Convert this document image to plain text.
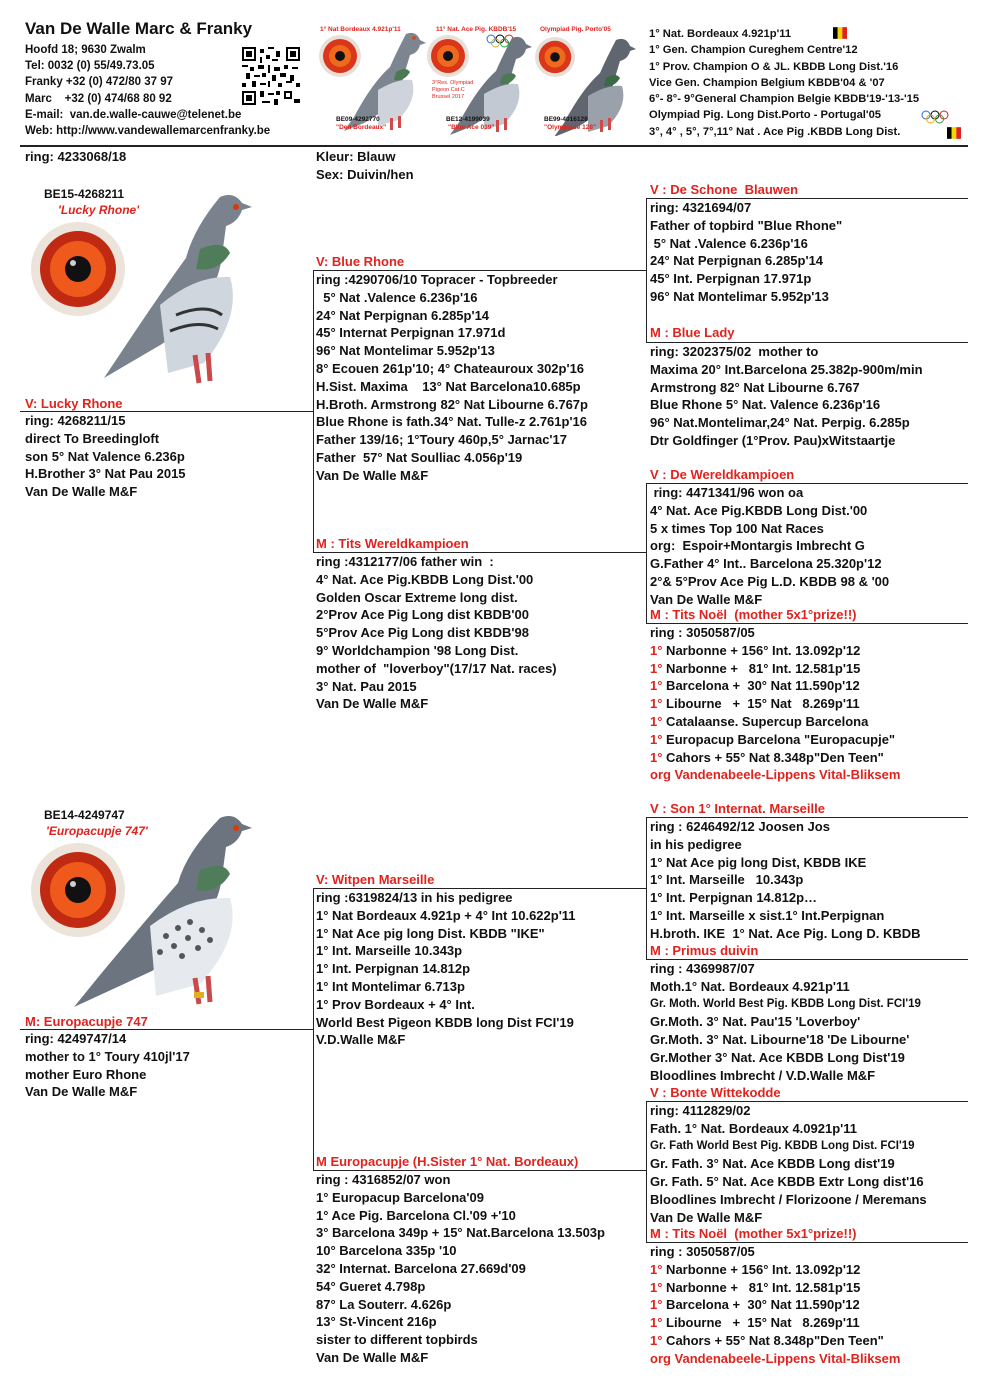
Van De Walle Marc & Franky
Hoofd 18; 9630 Zwalm
Tel: 0032 (0) 55/49.73.05
Franky +32 (0) 472/80 37 97
Marc    +32 (0) 474/68 80 92
E-mail:  van.de.walle-cauwe@telenet.be
Web: http://www.vandewallemarcenfranky.be
1° Nat Bordeaux 4.921p'11
BE09-4292770
"Den Bordeaux"
11° Nat. Ace Pig. KBDB'15
3°Res. Olympiad Pigeon Cat.C Brussel 2017
BE12-4199039
"Blue Ace 039"
Olympiad Pig. Porto'05
BE99-4016128
"Olympiade 128"
1° Nat. Bordeaux 4.921p'11
1° Gen. Champion Cureghem Centre'12
1° Prov. Champion O & JL. KBDB Long Dist.'16
Vice Gen. Champion Belgium KBDB'04 & '07
6°- 8°- 9°General Champion Belgie KBDB'19-'13-'15
Olympiad Pig. Long Dist.Porto - Portugal'05
3°, 4° , 5°, 7°,11° Nat . Ace Pig .KBDB Long Dist.
ring: 4233068/18	Kleur: Blauw
Sex: Duivin/hen
BE15-4268211
'Lucky Rhone'
BE14-4249747
'Europacupje 747'
V: Lucky Rhone
ring: 4268211/15
direct To Breedingloft
son 5° Nat Valence 6.236p
H.Brother 3° Nat Pau 2015
Van De Walle M&F
M: Europacupje 747
ring: 4249747/14
mother to 1° Toury 410jl'17
mother Euro Rhone
Van De Walle M&F
V: Blue Rhone
ring :4290706/10 Topracer - Topbreeder
5° Nat .Valence 6.236p'16
24° Nat Perpignan 6.285p'14
45° Internat Perpignan 17.971d
96° Nat Montelimar 5.952p'13
8° Ecouen 261p'10; 4° Chateauroux 302p'16
H.Sist. Maxima    13° Nat Barcelona10.685p
H.Broth. Armstrong 82° Nat Libourne 6.767p
Blue Rhone is fath.34° Nat. Tulle-z 2.761p'16
Father 139/16; 1°Toury 460p,5° Jarnac'17
Father  57° Nat Soulliac 4.056p'19
Van De Walle M&F
M : Tits Wereldkampioen
ring :4312177/06 father win  :
4° Nat. Ace Pig.KBDB Long Dist.'00
Golden Oscar Extreme long dist.
2°Prov Ace Pig Long dist KBDB'00
5°Prov Ace Pig Long dist KBDB'98
9° Worldchampion '98 Long Dist.
mother of  "loverboy"(17/17 Nat. races)
3° Nat. Pau 2015
Van De Walle M&F
V: Witpen Marseille
ring :6319824/13 in his pedigree
1° Nat Bordeaux 4.921p + 4° Int 10.622p'11
1° Nat Ace pig long Dist. KBDB "IKE"
1° Int. Marseille 10.343p
1° Int. Perpignan 14.812p
1° Int Montelimar 6.713p
1° Prov Bordeaux + 4° Int.
World Best Pigeon KBDB long Dist FCI'19
V.D.Walle M&F
M Europacupje (H.Sister 1° Nat. Bordeaux)
ring : 4316852/07 won
1° Europacup Barcelona'09
1° Ace Pig. Barcelona Cl.'09 +'10
3° Barcelona 349p + 15° Nat.Barcelona 13.503p
10° Barcelona 335p '10
32° Internat. Barcelona 27.669d'09
54° Gueret 4.798p
87° La Souterr. 4.626p
13° St-Vincent 216p
sister to different topbirds
Van De Walle M&F
V : De Schone  Blauwen
ring: 4321694/07
Father of topbird "Blue Rhone"
5° Nat .Valence 6.236p'16
24° Nat Perpignan 6.285p'14
45° Int. Perpignan 17.971p
96° Nat Montelimar 5.952p'13
M : Blue Lady
ring: 3202375/02  mother to
Maxima 20° Int.Barcelona 25.382p-900m/min
Armstrong 82° Nat Libourne 6.767
Blue Rhone 5° Nat. Valence 6.236p'16
96° Nat.Montelimar,24° Nat. Perpig. 6.285p
Dtr Goldfinger (1°Prov. Pau)xWitstaartje
V : De Wereldkampioen
ring: 4471341/96 won oa
4° Nat. Ace Pig.KBDB Long Dist.'00
5 x times Top 100 Nat Races
org:  Espoir+Montargis Imbrecht G
G.Father 4° Int.. Barcelona 25.320p'12
2°& 5°Prov Ace Pig L.D. KBDB 98 & '00
Van De Walle M&F
M : Tits Noël  (mother 5x1°prize!!)
ring : 3050587/05
1° Narbonne + 156° Int. 13.092p'12
1° Narbonne +   81° Int. 12.581p'15
1° Barcelona +  30° Nat 11.590p'12
1° Libourne   +  15° Nat   8.269p'11
1° Catalaanse. Supercup Barcelona
1° Europacup Barcelona "Europacupje"
1° Cahors + 55° Nat 8.348p"Den Teen"
org Vandenabeele-Lippens Vital-Bliksem
V : Son 1° Internat. Marseille
ring : 6246492/12 Joosen Jos
in his pedigree
1° Nat Ace pig long Dist, KBDB IKE
1° Int. Marseille   10.343p
1° Int. Perpignan 14.812p…
1° Int. Marseille x sist.1° Int.Perpignan
H.broth. IKE  1° Nat. Ace Pig. Long D. KBDB
M : Primus duivin
ring : 4369987/07
Moth.1° Nat. Bordeaux 4.921p'11
Gr. Moth. World Best Pig. KBDB Long Dist. FCI'19
Gr.Moth. 3° Nat. Pau'15 'Loverboy'
Gr.Moth. 3° Nat. Libourne'18 'De Libourne'
Gr.Mother 3° Nat. Ace KBDB Long Dist'19
Bloodlines Imbrecht / V.D.Walle M&F
V : Bonte Wittekodde
ring: 4112829/02
Fath. 1° Nat. Bordeaux 4.0921p'11
Gr. Fath World Best Pig. KBDB Long Dist. FCI'19
Gr. Fath. 3° Nat. Ace KBDB Long dist'19
Gr. Fath. 5° Nat. Ace KBDB Extr Long dist'16
Bloodlines Imbrecht / Florizoone / Meremans
Van De Walle M&F
M : Tits Noël  (mother 5x1°prize!!)
ring : 3050587/05
1° Narbonne + 156° Int. 13.092p'12
1° Narbonne +   81° Int. 12.581p'15
1° Barcelona +  30° Nat 11.590p'12
1° Libourne   +  15° Nat   8.269p'11
1° Cahors + 55° Nat 8.348p"Den Teen"
org Vandenabeele-Lippens Vital-Bliksem
